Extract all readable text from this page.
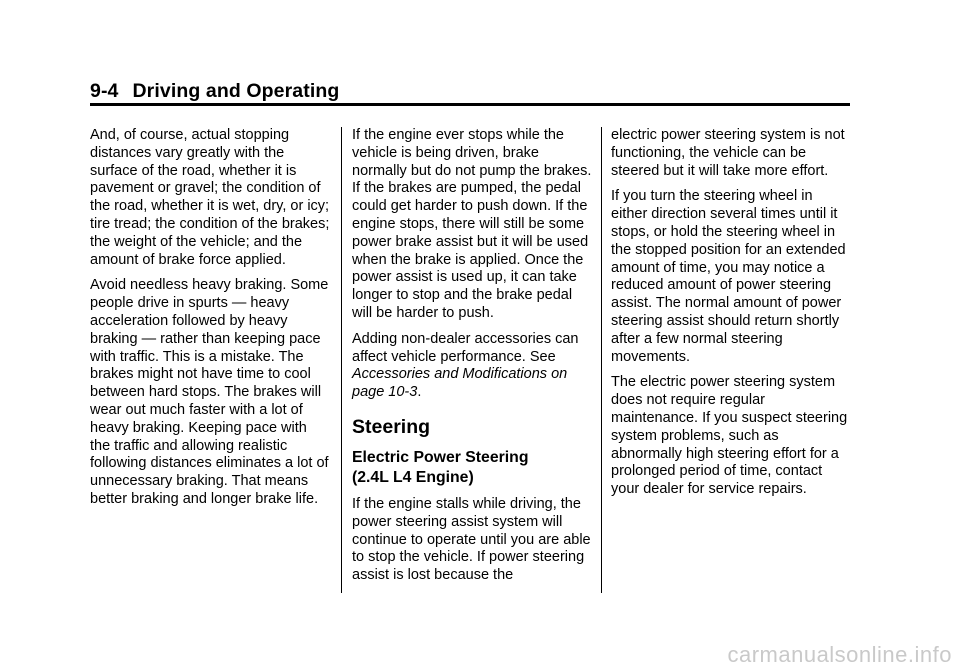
9-4 Driving and Operating

And, of course, actual stopping distances vary greatly with the surface of the road, whether it is pavement or gravel; the condition of the road, whether it is wet, dry, or icy; tire tread; the condition of the brakes; the weight of the vehicle; and the amount of brake force applied.

Avoid needless heavy braking. Some people drive in spurts — heavy acceleration followed by heavy braking — rather than keeping pace with traffic. This is a mistake. The brakes might not have time to cool between hard stops. The brakes will wear out much faster with a lot of heavy braking. Keeping pace with the traffic and allowing realistic following distances eliminates a lot of unnecessary braking. That means better braking and longer brake life.

If the engine ever stops while the vehicle is being driven, brake normally but do not pump the brakes. If the brakes are pumped, the pedal could get harder to push down. If the engine stops, there will still be some power brake assist but it will be used when the brake is applied. Once the power assist is used up, it can take longer to stop and the brake pedal will be harder to push.

Adding non-dealer accessories can affect vehicle performance. See Accessories and Modifications on page 10-3.

Steering
Electric Power Steering
(2.4L L4 Engine)

If the engine stalls while driving, the power steering assist system will continue to operate until you are able to stop the vehicle. If power steering assist is lost because the

electric power steering system is not functioning, the vehicle can be steered but it will take more effort.

If you turn the steering wheel in either direction several times until it stops, or hold the steering wheel in the stopped position for an extended amount of time, you may notice a reduced amount of power steering assist. The normal amount of power steering assist should return shortly after a few normal steering movements.

The electric power steering system does not require regular maintenance. If you suspect steering system problems, such as abnormally high steering effort for a prolonged period of time, contact your dealer for service repairs.

carmanualsonline.info
